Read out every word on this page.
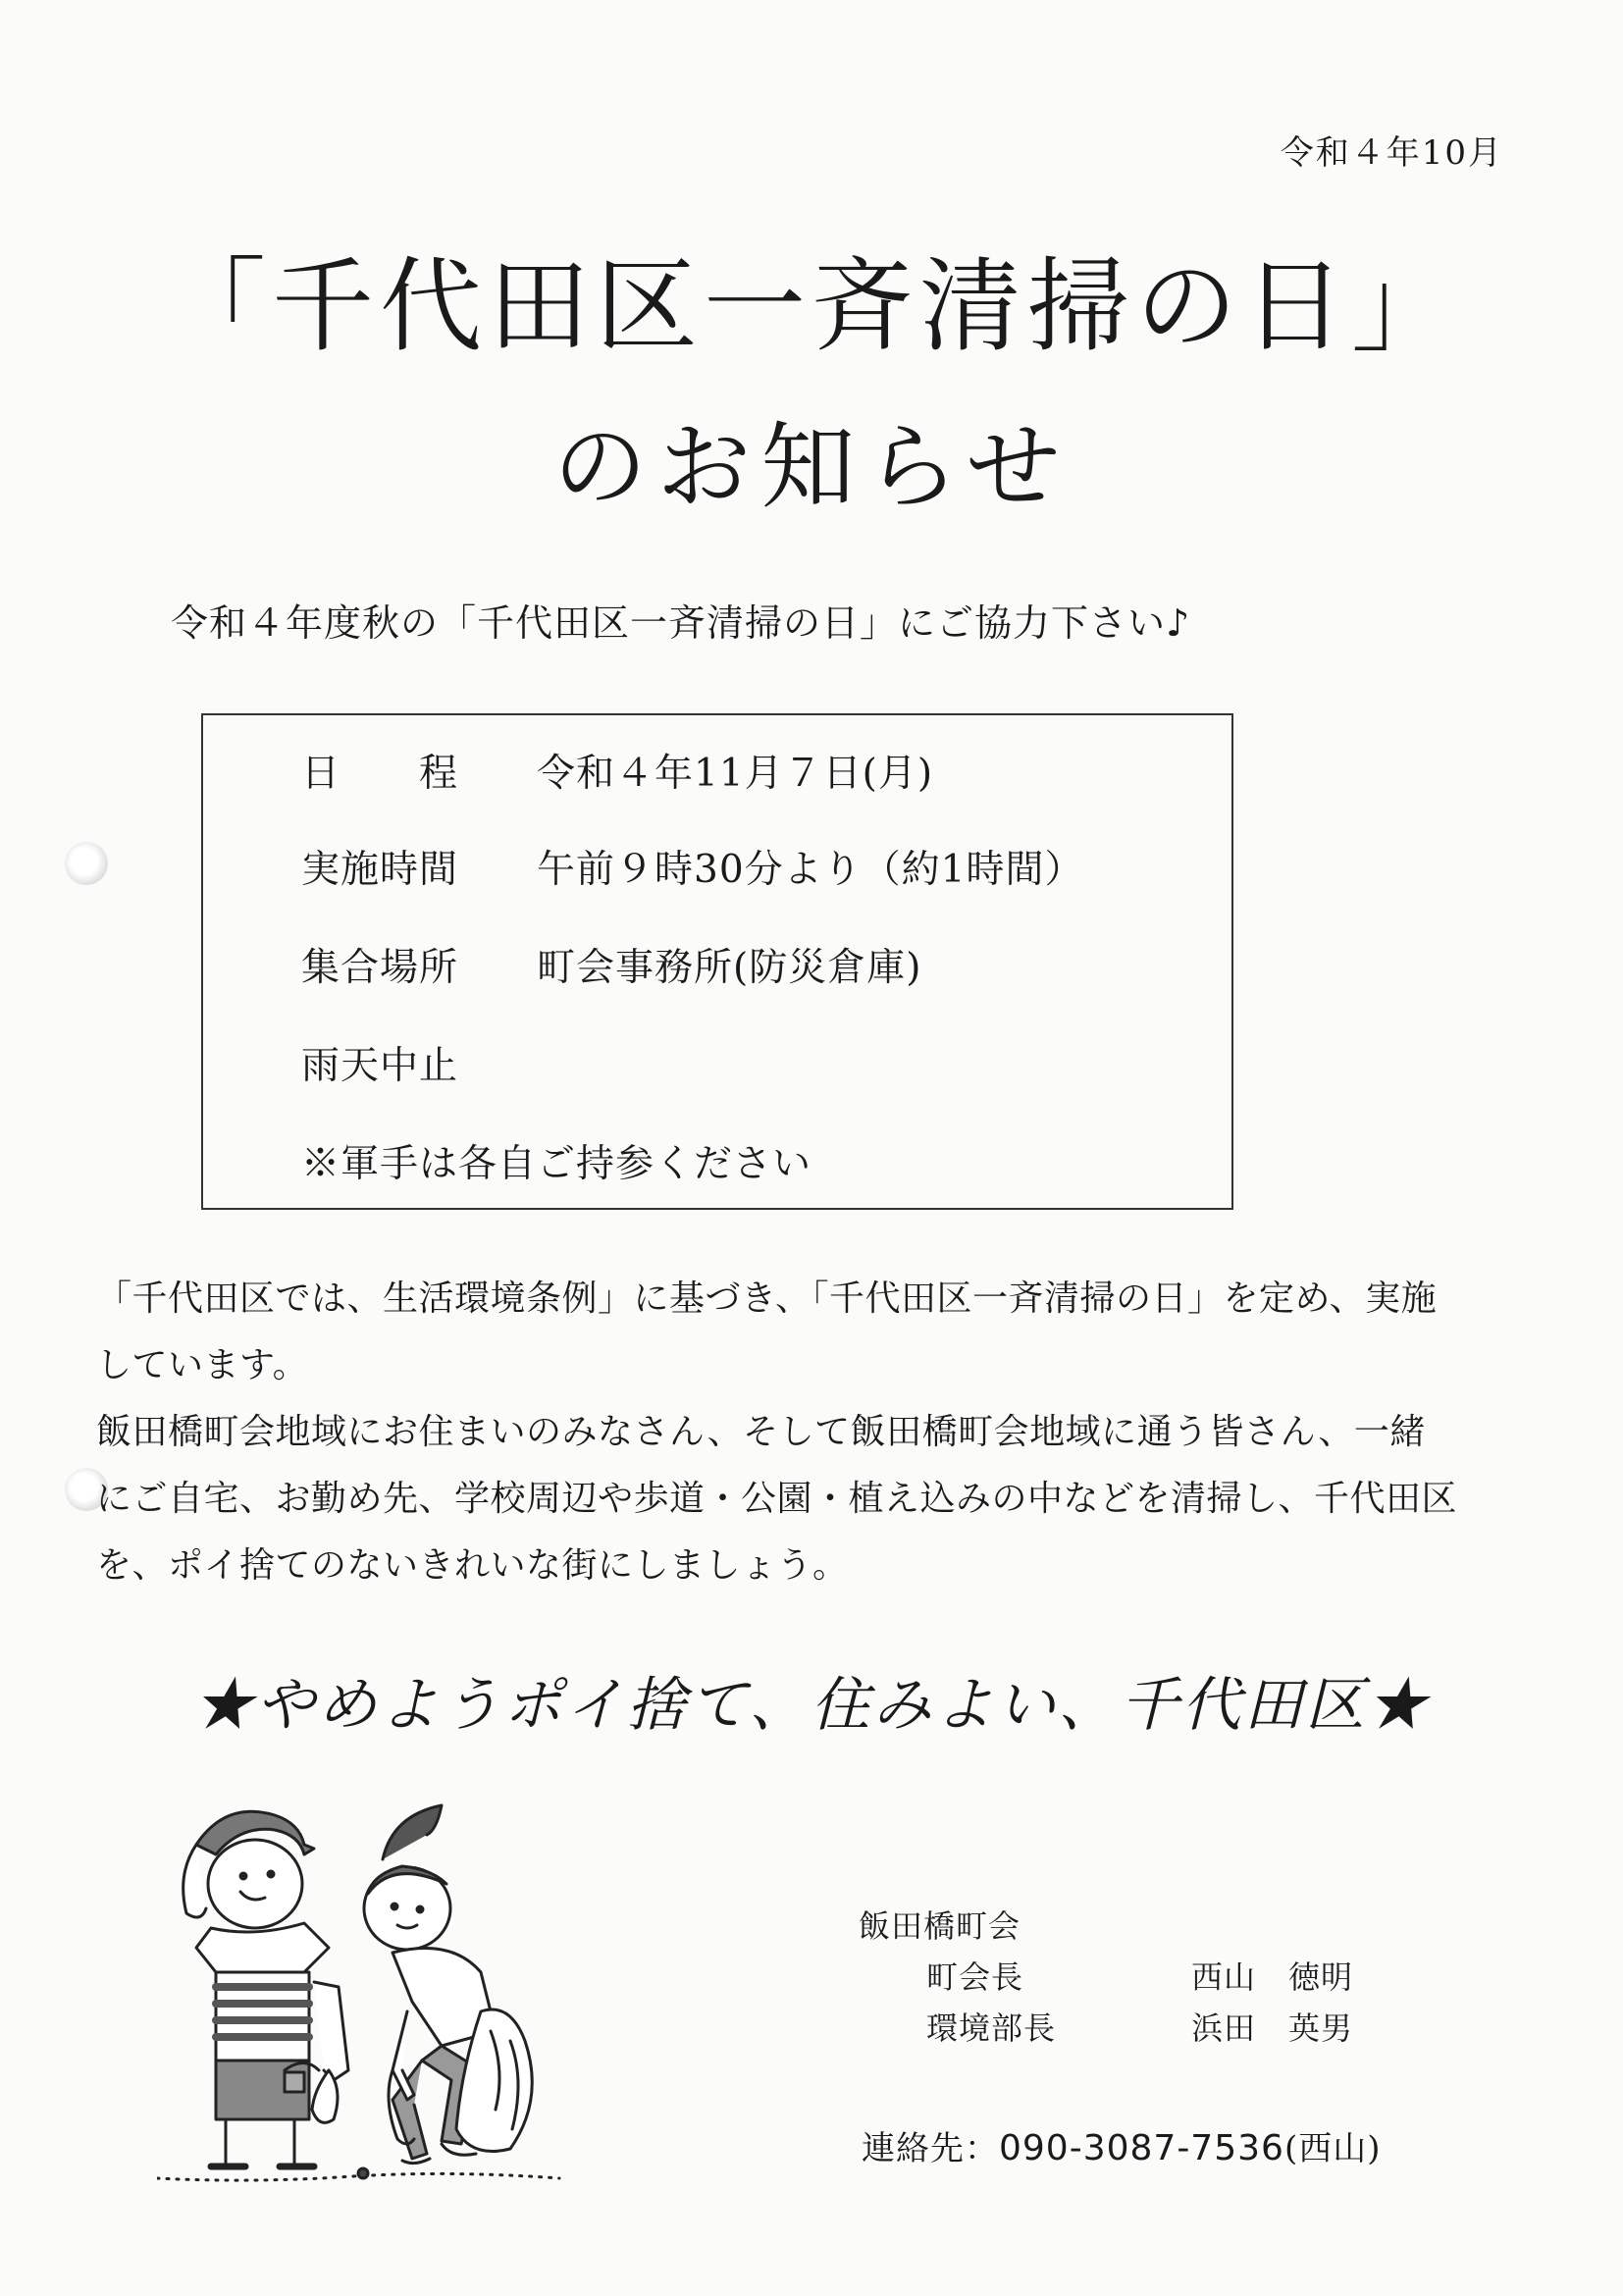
令和４年10月
「千代田区一斉清掃の日」
のお知らせ
令和４年度秋の「千代田区一斉清掃の日」にご協力下さい♪
日　　程 令和４年11月７日(月)
実施時間 午前９時30分より（約1時間）
集合場所 町会事務所(防災倉庫)
雨天中止
※軍手は各自ご持参ください

「千代田区では、生活環境条例」に基づき、「千代田区一斉清掃の日」を定め、実施

しています。

飯田橋町会地域にお住まいのみなさん、そして飯田橋町会地域に通う皆さん、一緒

にご自宅、お勤め先、学校周辺や歩道・公園・植え込みの中などを清掃し、千代田区

を、ポイ捨てのないきれいな街にしましょう。

★やめようポイ捨て、住みよい、千代田区★
飯田橋町会
町会長	西山　徳明
環境部長	浜田　英男
連絡先：090-3087-7536(西山)
